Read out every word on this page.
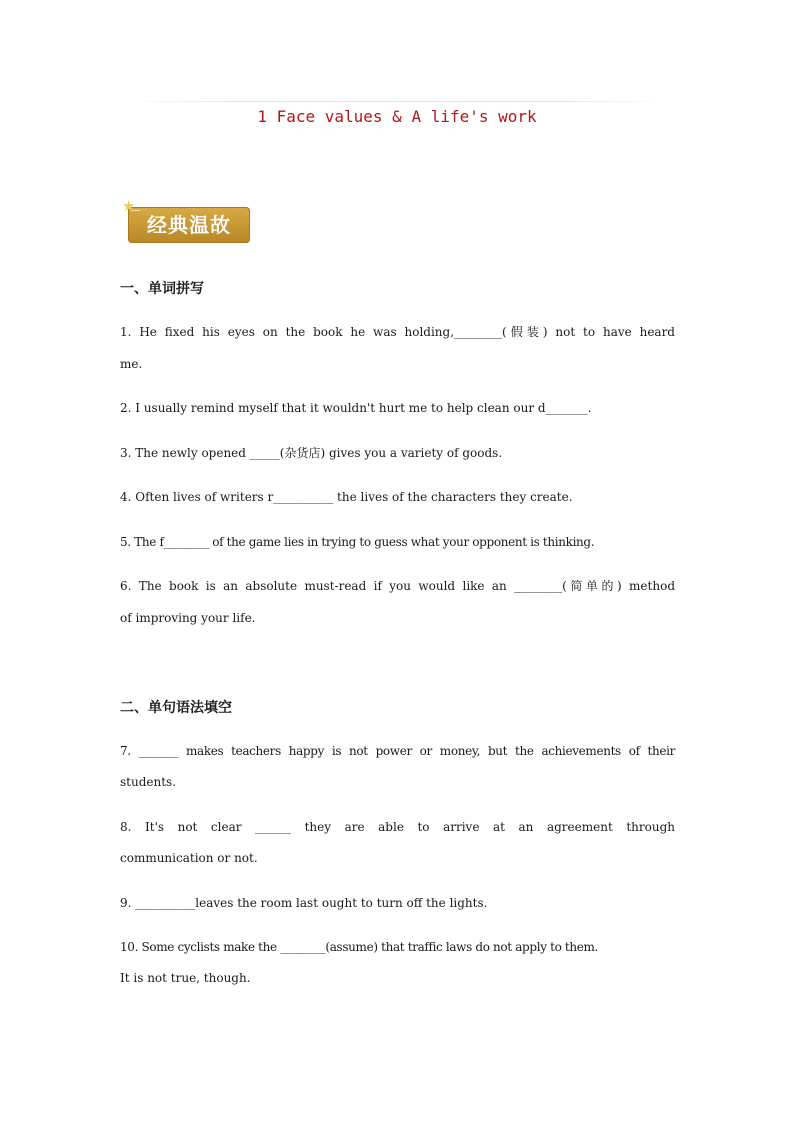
1 Face values & A life's work
经典温故
★
一、单词拼写
1. He fixed his eyes on the book he was holding,________(假装) not to have heard
me.
2. I usually remind myself that it wouldn't hurt me to help clean our d_______.
3. The newly opened _____(杂货店) gives you a variety of goods.
4. Often lives of writers r__________ the lives of the characters they create.
5. The f________ of the game lies in trying to guess what your opponent is thinking.
6. The book is an absolute must-read if you would like an ________(简单的) method
of improving your life.
二、单句语法填空
7. _______ makes teachers happy is not power or money, but the achievements of their
students.
8. It's not clear ______ they are able to arrive at an agreement through
communication or not.
9. __________leaves the room last ought to turn off the lights.
10. Some cyclists make the ________(assume) that traffic laws do not apply to them.
It is not true, though.
